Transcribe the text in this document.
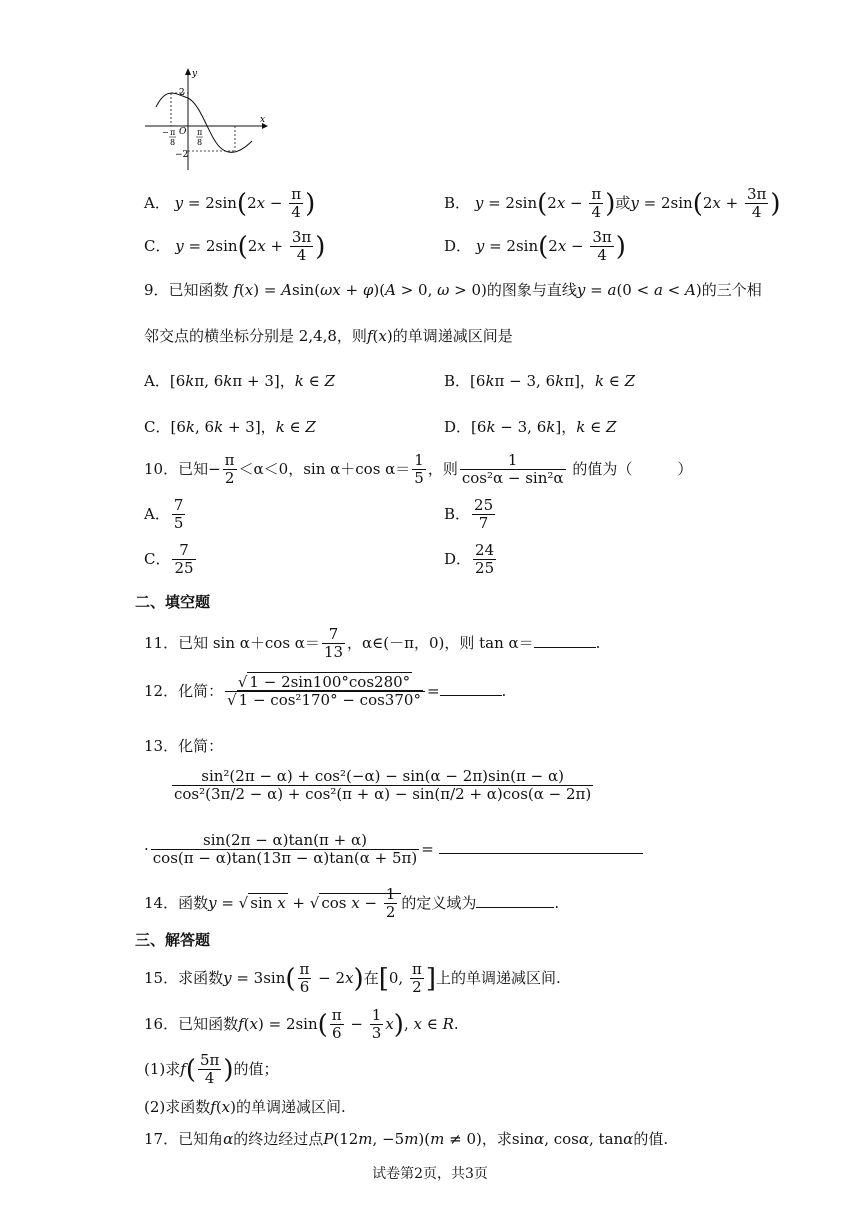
y
x
2
−2
O
− π
8
π
8
A． $y = 2\sin(2x - \frac{\pi}{4}$ )	B． $y = 2\sin(2x - \frac{\pi}{4}$ )或$y = 2\sin(2x + \frac{3\pi}{4}$ )
C． $y = 2\sin(2x + \frac{3\pi}{4}$ )	D． $y = 2\sin(2x - \frac{3\pi}{4}$ )
9．已知函数 f(x) = Asin(ωx + φ)(A > 0, ω > 0)的图象与直线y = a(0 < a < A)的三个相
邻交点的横坐标分别是 2,4,8，则f(x)的单调递减区间是
A．[6kπ, 6kπ + 3]，k ∈ Z	B．[6kπ − 3, 6kπ]，k ∈ Z
C．[6k, 6k + 3]，k ∈ Z	D．[6k − 3, 6k]，k ∈ Z
10．已知− $\frac{\pi}{2} <\alpha<0$，sin α＋cos $\alpha= \frac{1}{5}$ ，则 $\frac{1}{\text{cos²α − sin²α}}$ 的值为（　　　）
A． $\frac{7}{5}$	B． $\frac{25}{7}$
C． $\frac{7}{25}$	D． $\frac{24}{25}$
二、填空题
11．已知 sin α＋cos $\alpha= \frac{7}{13}$ ，α∈(－π，0)，则 tan α＝	.
12．化简： $\frac{√ 1 - 2\sin 100^\circ\cos 280^\circ}{\text{√ 1 − cos²170° − cos370°}}$ =	.
13．化简：
$\frac{\text{sin²(2π − α) + cos²(−α) − sin(α − 2π)sin(π − α)}}{\text{cos²(3π/2 − α) + cos²(π + α) − sin(π/2 + α)cos(α − 2π)}}$
· $\frac{\sin(2\pi - \alpha)\tan(\pi + \alpha)}{\cos(\pi - \alpha)\tan(13\pi - \alpha)\tan(\alpha + 5\pi)}$ =
14．函数y = √ sin x + √ $\cos x - \frac{1}{2}$ 的定义域为	.
三、解答题
15．求函数$y = 3\sin( \frac{\pi}{6} - 2x)$在[0, $\frac{\pi}{2}$ ]上的单调递减区间.
16．已知函数$f(x) = 2\sin( \frac{\pi}{6} - \frac{1}{3} x)$, x ∈ R.
(1)求$f( \frac{5\pi}{4}$ )的值；
(2)求函数f(x)的单调递减区间.
17．已知角α的终边经过点P(12m, −5m)(m ≠ 0)，求sinα, cosα, tanα的值.
试卷第2页，共3页
